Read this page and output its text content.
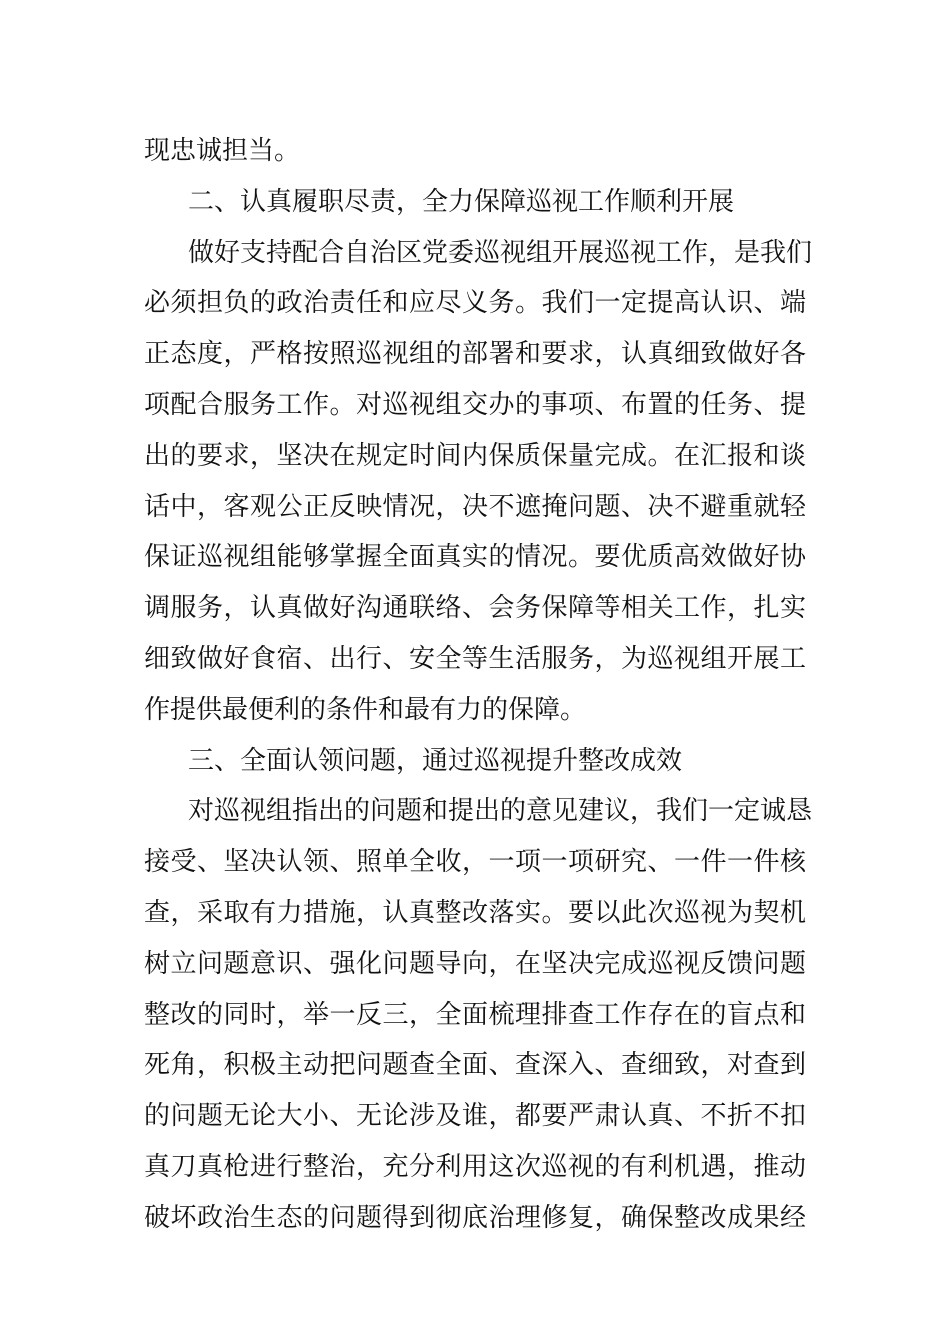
现忠诚担当。
二、认真履职尽责，全力保障巡视工作顺利开展
做好支持配合自治区党委巡视组开展巡视工作，是我们
必须担负的政治责任和应尽义务。我们一定提高认识、端
正态度，严格按照巡视组的部署和要求，认真细致做好各
项配合服务工作。对巡视组交办的事项、布置的任务、提
出的要求，坚决在规定时间内保质保量完成。在汇报和谈
话中，客观公正反映情况，决不遮掩问题、决不避重就轻
保证巡视组能够掌握全面真实的情况。要优质高效做好协
调服务，认真做好沟通联络、会务保障等相关工作，扎实
细致做好食宿、出行、安全等生活服务，为巡视组开展工
作提供最便利的条件和最有力的保障。
三、全面认领问题，通过巡视提升整改成效
对巡视组指出的问题和提出的意见建议，我们一定诚恳
接受、坚决认领、照单全收，一项一项研究、一件一件核
查，采取有力措施，认真整改落实。要以此次巡视为契机
树立问题意识、强化问题导向，在坚决完成巡视反馈问题
整改的同时，举一反三，全面梳理排查工作存在的盲点和
死角，积极主动把问题查全面、查深入、查细致，对查到
的问题无论大小、无论涉及谁，都要严肃认真、不折不扣
真刀真枪进行整治，充分利用这次巡视的有利机遇，推动
破坏政治生态的问题得到彻底治理修复，确保整改成果经
